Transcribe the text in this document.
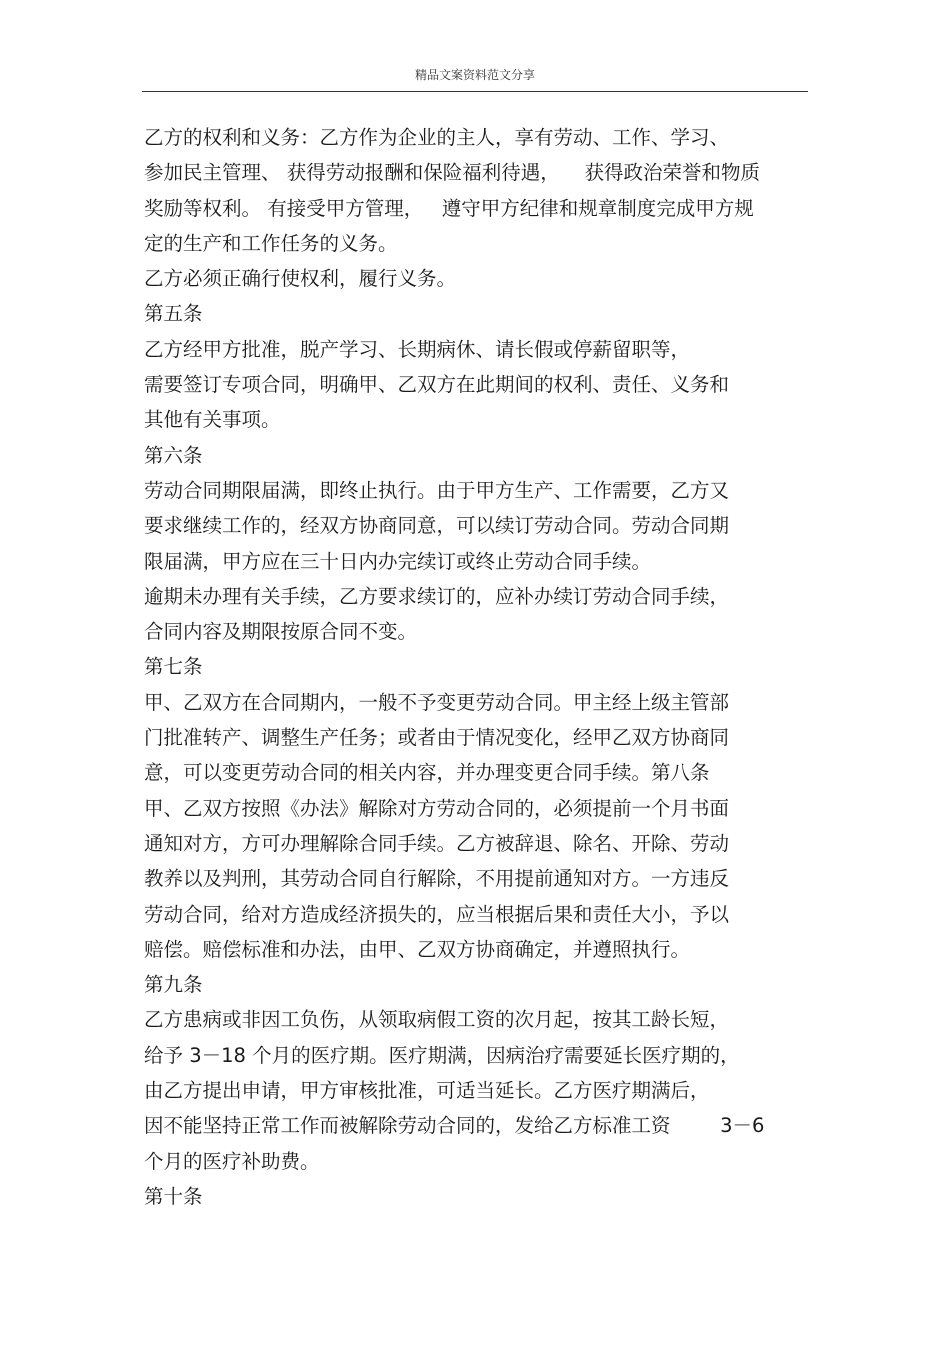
精品文案资料范文分享
乙方的权利和义务：乙方作为企业的主人，享有劳动、工作、学习、
参加民主管理、 获得劳动报酬和保险福利待遇，    获得政治荣誉和物质
奖励等权利。 有接受甲方管理，   遵守甲方纪律和规章制度完成甲方规
定的生产和工作任务的义务。
乙方必须正确行使权利，履行义务。
第五条
乙方经甲方批准，脱产学习、长期病休、请长假或停薪留职等，
需要签订专项合同，明确甲、乙双方在此期间的权利、责任、义务和
其他有关事项。
第六条
劳动合同期限届满，即终止执行。由于甲方生产、工作需要，乙方又
要求继续工作的，经双方协商同意，可以续订劳动合同。劳动合同期
限届满，甲方应在三十日内办完续订或终止劳动合同手续。
逾期未办理有关手续，乙方要求续订的，应补办续订劳动合同手续，
合同内容及期限按原合同不变。
第七条
甲、乙双方在合同期内，一般不予变更劳动合同。甲主经上级主管部
门批准转产、调整生产任务；或者由于情况变化，经甲乙双方协商同
意，可以变更劳动合同的相关内容，并办理变更合同手续。第八条
甲、乙双方按照《办法》解除对方劳动合同的，必须提前一个月书面
通知对方，方可办理解除合同手续。乙方被辞退、除名、开除、劳动
教养以及判刑，其劳动合同自行解除，不用提前通知对方。一方违反
劳动合同，给对方造成经济损失的，应当根据后果和责任大小，予以
赔偿。赔偿标准和办法，由甲、乙双方协商确定，并遵照执行。
第九条
乙方患病或非因工负伤，从领取病假工资的次月起，按其工龄长短，
给予 3－18 个月的医疗期。医疗期满，因病治疗需要延长医疗期的，
由乙方提出申请，甲方审核批准，可适当延长。乙方医疗期满后，
因不能坚持正常工作而被解除劳动合同的，发给乙方标准工资        3－6
个月的医疗补助费。
第十条
